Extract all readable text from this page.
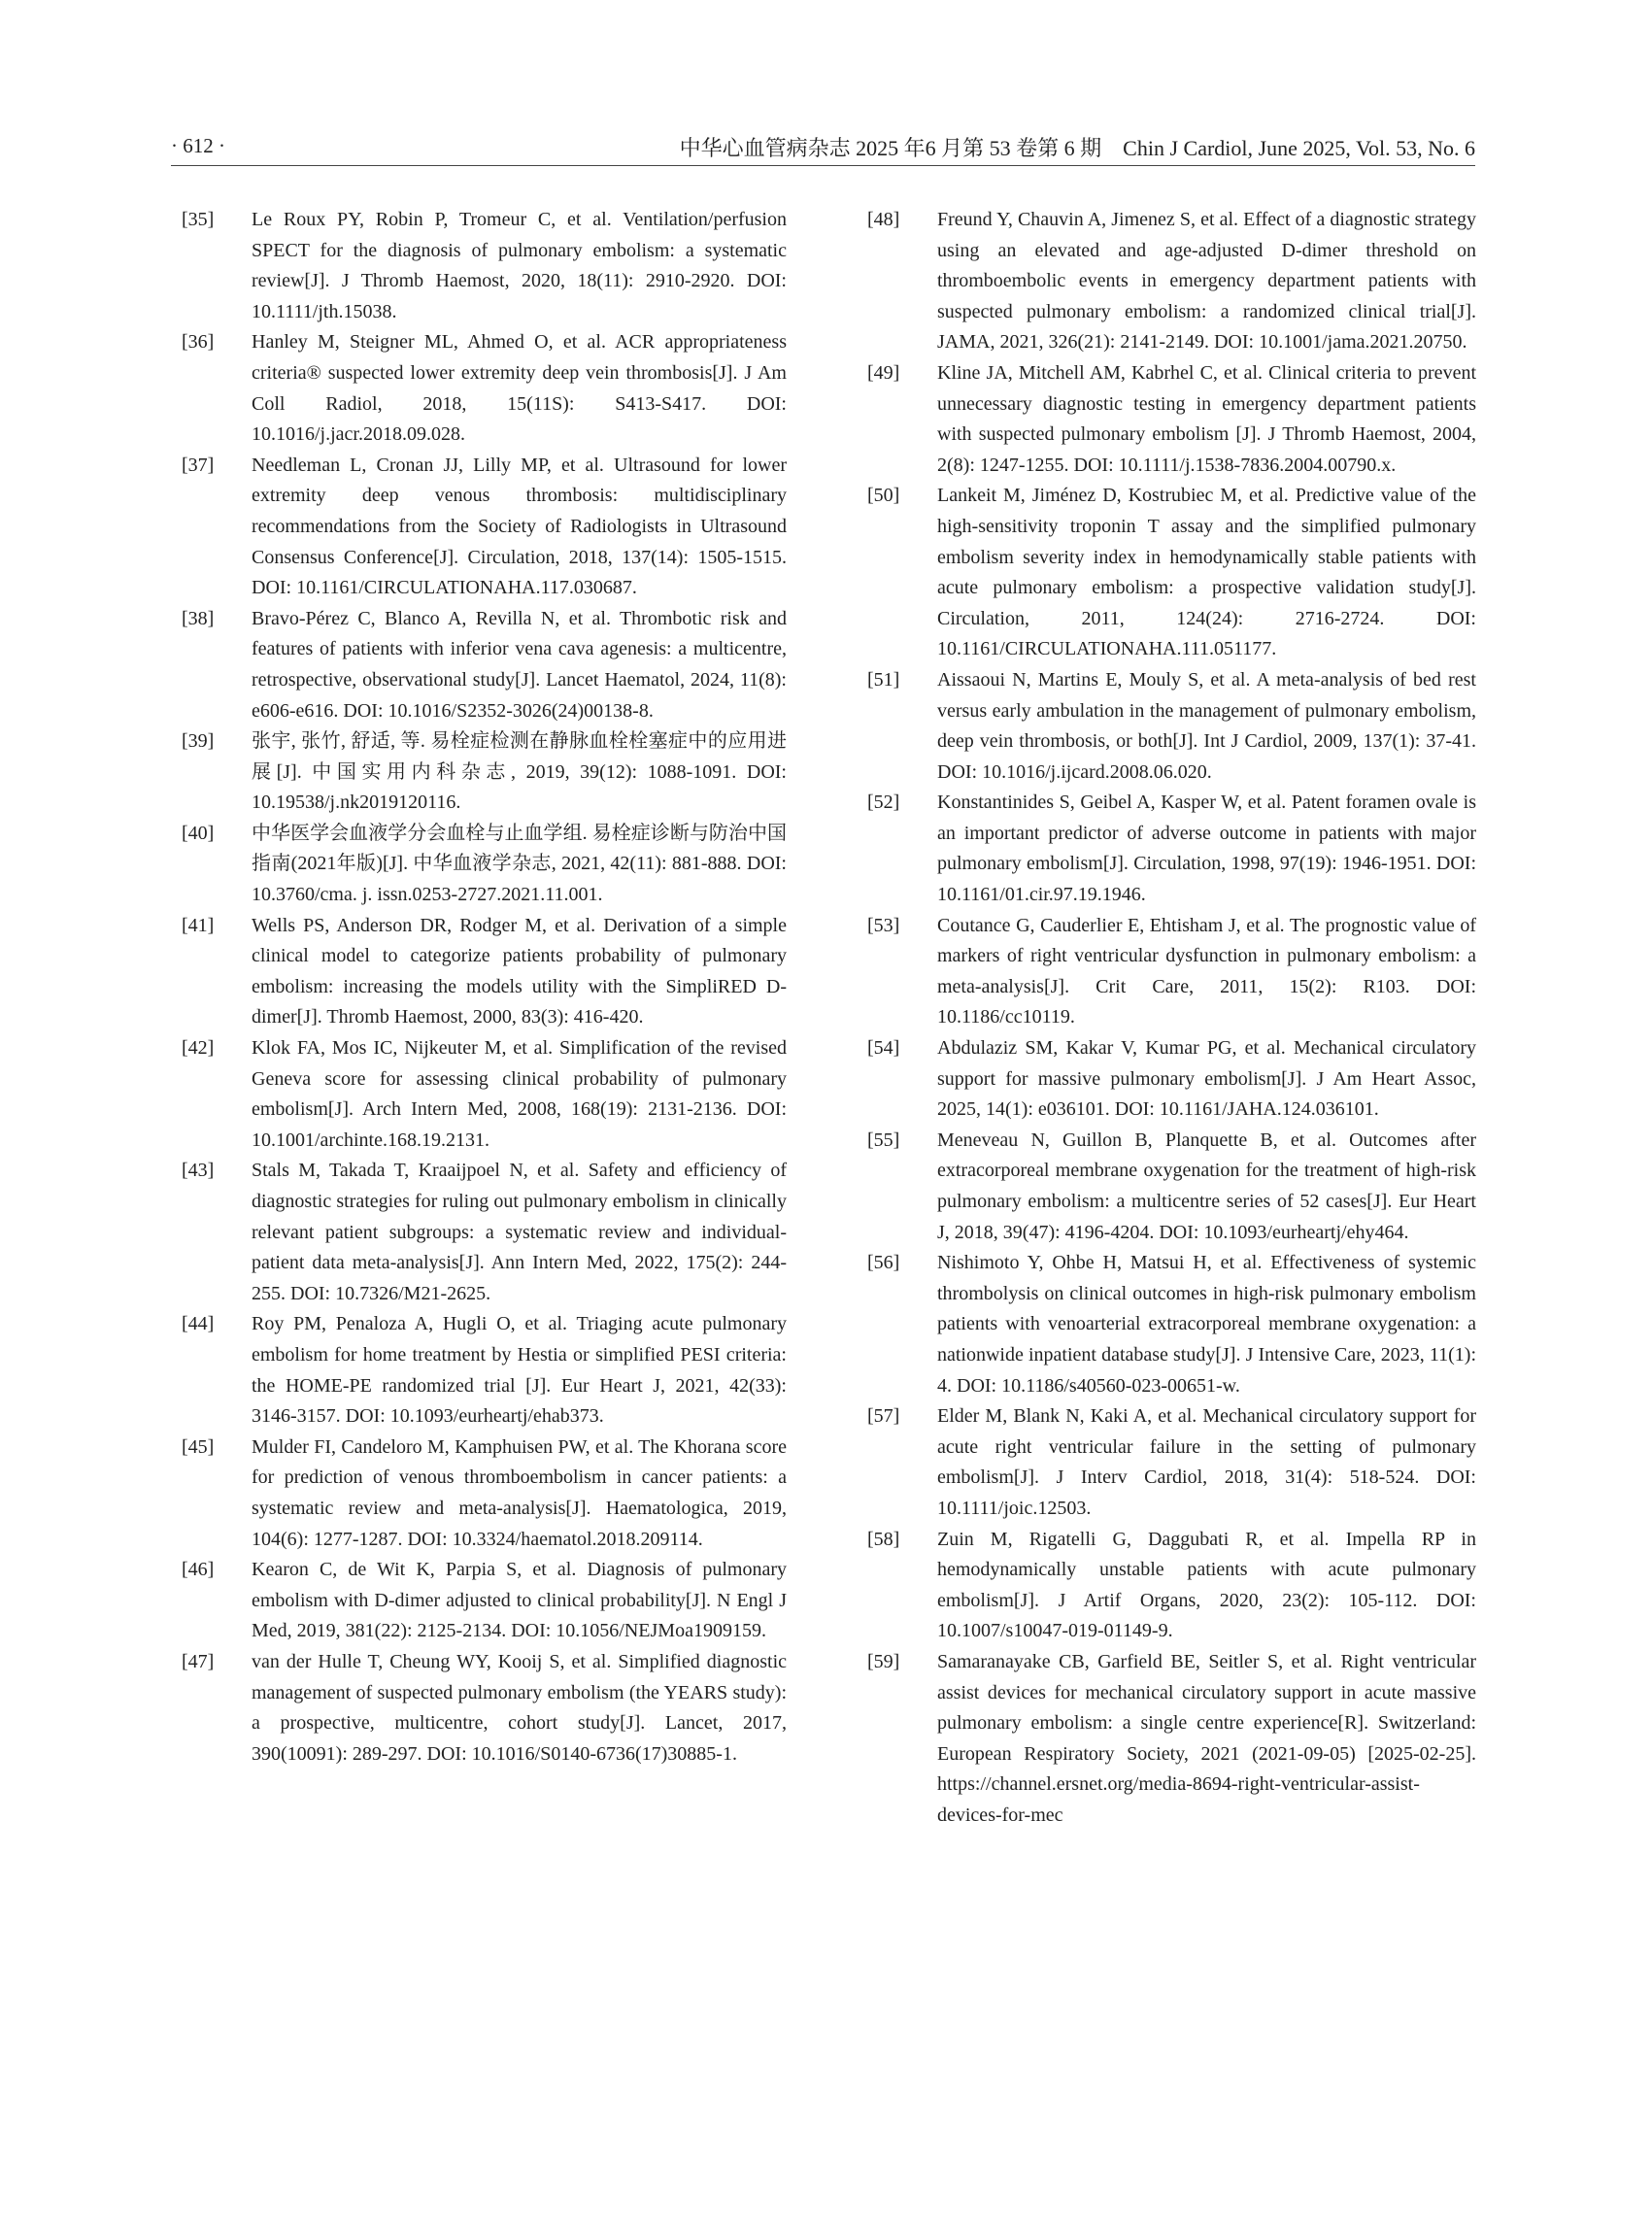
· 612 ·	中华心血管病杂志 2025 年6 月第 53 卷第 6 期　Chin J Cardiol, June 2025, Vol. 53, No. 6
[35] Le Roux PY, Robin P, Tromeur C, et al. Ventilation/perfusion SPECT for the diagnosis of pulmonary embolism: a systematic review[J]. J Thromb Haemost, 2020, 18(11): 2910-2920. DOI: 10.1111/jth.15038.
[36] Hanley M, Steigner ML, Ahmed O, et al. ACR appropriateness criteria® suspected lower extremity deep vein thrombosis[J]. J Am Coll Radiol, 2018, 15(11S): S413-S417. DOI: 10.1016/j.jacr.2018.09.028.
[37] Needleman L, Cronan JJ, Lilly MP, et al. Ultrasound for lower extremity deep venous thrombosis: multidisciplinary recommendations from the Society of Radiologists in Ultrasound Consensus Conference[J]. Circulation, 2018, 137(14): 1505-1515. DOI: 10.1161/CIRCULATIONAHA.117.030687.
[38] Bravo-Pérez C, Blanco A, Revilla N, et al. Thrombotic risk and features of patients with inferior vena cava agenesis: a multicentre, retrospective, observational study[J]. Lancet Haematol, 2024, 11(8): e606-e616. DOI: 10.1016/S2352-3026(24)00138-8.
[39] 张宇, 张竹, 舒适, 等. 易栓症检测在静脉血栓栓塞症中的应用进展[J]. 中国实用内科杂志, 2019, 39(12): 1088-1091. DOI: 10.19538/j.nk2019120116.
[40] 中华医学会血液学分会血栓与止血学组. 易栓症诊断与防治中国指南(2021年版)[J]. 中华血液学杂志, 2021, 42(11): 881-888. DOI: 10.3760/cma. j. issn.0253-2727.2021.11.001.
[41] Wells PS, Anderson DR, Rodger M, et al. Derivation of a simple clinical model to categorize patients probability of pulmonary embolism: increasing the models utility with the SimpliRED D-dimer[J]. Thromb Haemost, 2000, 83(3): 416-420.
[42] Klok FA, Mos IC, Nijkeuter M, et al. Simplification of the revised Geneva score for assessing clinical probability of pulmonary embolism[J]. Arch Intern Med, 2008, 168(19): 2131-2136. DOI: 10.1001/archinte.168.19.2131.
[43] Stals M, Takada T, Kraaijpoel N, et al. Safety and efficiency of diagnostic strategies for ruling out pulmonary embolism in clinically relevant patient subgroups: a systematic review and individual-patient data meta-analysis[J]. Ann Intern Med, 2022, 175(2): 244-255. DOI: 10.7326/M21-2625.
[44] Roy PM, Penaloza A, Hugli O, et al. Triaging acute pulmonary embolism for home treatment by Hestia or simplified PESI criteria: the HOME-PE randomized trial [J]. Eur Heart J, 2021, 42(33): 3146-3157. DOI: 10.1093/eurheartj/ehab373.
[45] Mulder FI, Candeloro M, Kamphuisen PW, et al. The Khorana score for prediction of venous thromboembolism in cancer patients: a systematic review and meta-analysis[J]. Haematologica, 2019, 104(6): 1277-1287. DOI: 10.3324/haematol.2018.209114.
[46] Kearon C, de Wit K, Parpia S, et al. Diagnosis of pulmonary embolism with D-dimer adjusted to clinical probability[J]. N Engl J Med, 2019, 381(22): 2125-2134. DOI: 10.1056/NEJMoa1909159.
[47] van der Hulle T, Cheung WY, Kooij S, et al. Simplified diagnostic management of suspected pulmonary embolism (the YEARS study): a prospective, multicentre, cohort study[J]. Lancet, 2017, 390(10091): 289-297. DOI: 10.1016/S0140-6736(17)30885-1.
[48] Freund Y, Chauvin A, Jimenez S, et al. Effect of a diagnostic strategy using an elevated and age-adjusted D-dimer threshold on thromboembolic events in emergency department patients with suspected pulmonary embolism: a randomized clinical trial[J]. JAMA, 2021, 326(21): 2141-2149. DOI: 10.1001/jama.2021.20750.
[49] Kline JA, Mitchell AM, Kabrhel C, et al. Clinical criteria to prevent unnecessary diagnostic testing in emergency department patients with suspected pulmonary embolism [J]. J Thromb Haemost, 2004, 2(8): 1247-1255. DOI: 10.1111/j.1538-7836.2004.00790.x.
[50] Lankeit M, Jiménez D, Kostrubiec M, et al. Predictive value of the high-sensitivity troponin T assay and the simplified pulmonary embolism severity index in hemodynamically stable patients with acute pulmonary embolism: a prospective validation study[J]. Circulation, 2011, 124(24): 2716-2724. DOI: 10.1161/CIRCULATIONAHA.111.051177.
[51] Aissaoui N, Martins E, Mouly S, et al. A meta-analysis of bed rest versus early ambulation in the management of pulmonary embolism, deep vein thrombosis, or both[J]. Int J Cardiol, 2009, 137(1): 37-41. DOI: 10.1016/j.ijcard.2008.06.020.
[52] Konstantinides S, Geibel A, Kasper W, et al. Patent foramen ovale is an important predictor of adverse outcome in patients with major pulmonary embolism[J]. Circulation, 1998, 97(19): 1946-1951. DOI: 10.1161/01.cir.97.19.1946.
[53] Coutance G, Cauderlier E, Ehtisham J, et al. The prognostic value of markers of right ventricular dysfunction in pulmonary embolism: a meta-analysis[J]. Crit Care, 2011, 15(2): R103. DOI: 10.1186/cc10119.
[54] Abdulaziz SM, Kakar V, Kumar PG, et al. Mechanical circulatory support for massive pulmonary embolism[J]. J Am Heart Assoc, 2025, 14(1): e036101. DOI: 10.1161/JAHA.124.036101.
[55] Meneveau N, Guillon B, Planquette B, et al. Outcomes after extracorporeal membrane oxygenation for the treatment of high-risk pulmonary embolism: a multicentre series of 52 cases[J]. Eur Heart J, 2018, 39(47): 4196-4204. DOI: 10.1093/eurheartj/ehy464.
[56] Nishimoto Y, Ohbe H, Matsui H, et al. Effectiveness of systemic thrombolysis on clinical outcomes in high-risk pulmonary embolism patients with venoarterial extracorporeal membrane oxygenation: a nationwide inpatient database study[J]. J Intensive Care, 2023, 11(1): 4. DOI: 10.1186/s40560-023-00651-w.
[57] Elder M, Blank N, Kaki A, et al. Mechanical circulatory support for acute right ventricular failure in the setting of pulmonary embolism[J]. J Interv Cardiol, 2018, 31(4): 518-524. DOI: 10.1111/joic.12503.
[58] Zuin M, Rigatelli G, Daggubati R, et al. Impella RP in hemodynamically unstable patients with acute pulmonary embolism[J]. J Artif Organs, 2020, 23(2): 105-112. DOI: 10.1007/s10047-019-01149-9.
[59] Samaranayake CB, Garfield BE, Seitler S, et al. Right ventricular assist devices for mechanical circulatory support in acute massive pulmonary embolism: a single centre experience[R]. Switzerland: European Respiratory Society, 2021 (2021-09-05) [2025-02-25]. https://channel.ersnet.org/media-8694-right-ventricular-assist-devices-for-mec
